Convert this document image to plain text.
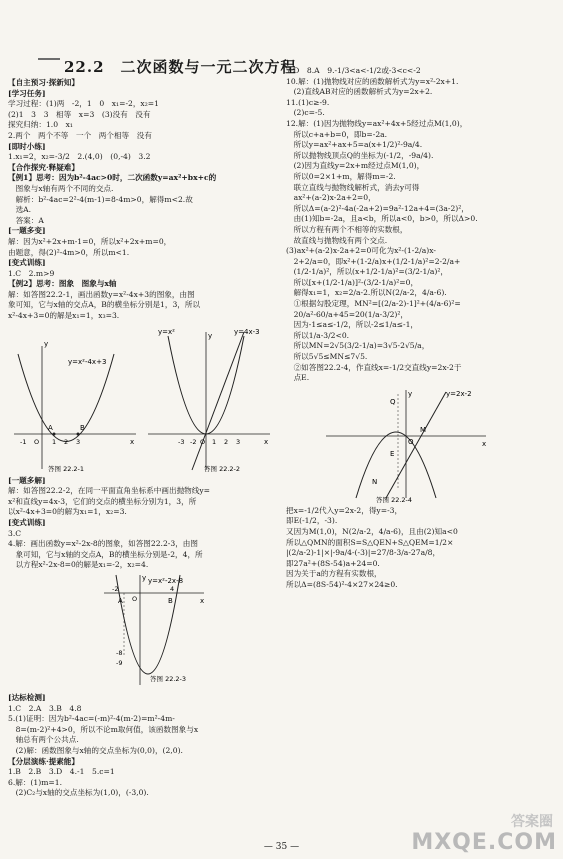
22.2　二次函数与一元二次方程
【自主预习·探新知】
[学习任务]
学习过程：(1)两　-2，1　0　x₁=-2，x₂=1
(2)1　3　3　相等　x=3　(3)没有　没有
探究归纳：1.0　x₁
2.两个　两个不等　一个　两个相等　没有
[即时小练]
1.x₁=2，x₂=-3/2　2.(4,0)　(0,-4)　3.2
【合作探究·释疑难】
【例1】思考：因为b²-4ac>0时，二次函数y=ax²+bx+c的
　图象与x轴有两个不同的交点.
　解析：b²-4ac=2²-4(m-1)=8-4m>0，解得m<2.故
　选A.
　答案：A
[一题多变]
解：因为x²+2x+m-1=0，所以x²+2x+m=0，
由题意，得(2)²-4m>0，所以m<1.
[变式训练]
1.C　2.m>9
【例2】思考：图象　图象与x轴
解：如答图22.2-1，画出函数y=x²-4x+3的图象，由图
象可知，它与x轴的交点A，B的横坐标分别是1，3，所以
x²-4x+3=0的解是x₁=1，x₃=3.
y=x²-4x+3
y
x
A	B
-1 O 1 2 3
答图 22.2-1
y=x²	y=4x-3
y
x
-3 -2 O 1 2 3
答图 22.2-2
[一题多解]
解：如答图22.2-2，在同一平面直角坐标系中画出抛物线y=
x²和直线y=4x-3，它们的交点的横坐标分别为1，3，所
以x²-4x+3=0的解为x₁=1，x₂=3.
[变式训练]
3.C
4.解：画出函数y=x²-2x-8的图象，如答图22.2-3，由图
　象可知，它与x轴的交点A，B的横坐标分别是-2，4，所
　以方程x²-2x-8=0的解是x₁=-2，x₂=4.
y=x²-2x-8
y
x
A	B
-2
O
4
-8
-9
答图 22.2-3
[达标检测]
1.C　2.A　3.B　4.8
5.(1)证明：因为b²-4ac=(-m)²-4(m-2)=m²-4m-
　8=(m-2)²+4>0，所以不论m取何值，该函数图象与x
　轴总有两个公共点.
　(2)解：函数图象与x轴的交点坐标为(0,0)，(2,0).
【分层演练·提素能】
1.B　2.B　3.D　4.-1　5.c=1
6.解：(1)m=1.
　(2)C₂与x轴的交点坐标为(1,0)，(-3,0).
7.D　8.A　9.-1/3<a<-1/2或-3<c<-2
10.解：(1)抛物线对应的函数解析式为y=x²-2x+1.
　(2)直线AB对应的函数解析式为y=2x+2.
11.(1)c≥-9.
　(2)c=-5.
12.解：(1)因为抛物线y=ax²+4x+5经过点M(1,0)，
　所以c+a+b=0，即b=-2a.
　所以y=ax²+ax+5=a(x+1/2)²-9a/4.
　所以抛物线顶点Q的坐标为(-1/2，-9a/4).
　(2)因为直线y=2x+m经过点M(1,0)，
　所以0=2×1+m，解得m=-2.
　联立直线与抛物线解析式，消去y可得
　ax²+(a-2)x-2a+2=0，
　所以Δ=(a-2)²-4a(-2a+2)=9a²-12a+4=(3a-2)²，
　由(1)知b=-2a，且a<b，所以a<0，b>0，所以Δ>0.
　所以方程有两个不相等的实数根，
　故直线与抛物线有两个交点.
(3)ax²+(a-2)x-2a+2=0可化为x²-(1-2/a)x-
　2+2/a=0，即x²+(1-2/a)x+(1/2-1/a)²=2-2/a+
　(1/2-1/a)²，所以(x+1/2-1/a)²=(3/2-1/a)²，
　所以[x+(1/2-1/a)]²-(3/2-1/a)²=0，
　解得x₁=1，x₂=2/a-2.所以N(2/a-2，4/a-6).
　①根据勾股定理，MN²=[(2/a-2)-1]²+(4/a-6)²=
　20/a²-60/a+45=20(1/a-3/2)²，
　因为-1≤a≤-1/2，所以-2≤1/a≤-1，
　所以1/a-3/2<0.
　所以MN=2√5(3/2-1/a)=3√5-2√5/a，
　所以5√5≤MN≤7√5.
　②如答图22.2-4，作直线x=-1/2交直线y=2x-2于
　点E.
y=2x-2
y
x
Q
E
O
M
N
答图 22.2-4
把x=-1/2代入y=2x-2，得y=-3，
即E(-1/2，-3).
又因为M(1,0)，N(2/a-2，4/a-6)，且由(2)知a<0
所以△QMN的面积S=S△QEN+S△QEM=1/2×
|(2/a-2)-1|×|-9a/4-(-3)|=27/8-3/a-27a/8，
即27a²+(8S-54)a+24=0.
因为关于a的方程有实数根，
所以Δ=(8S-54)²-4×27×24≥0.
— 35 —
答案圈
MXQE.COM
